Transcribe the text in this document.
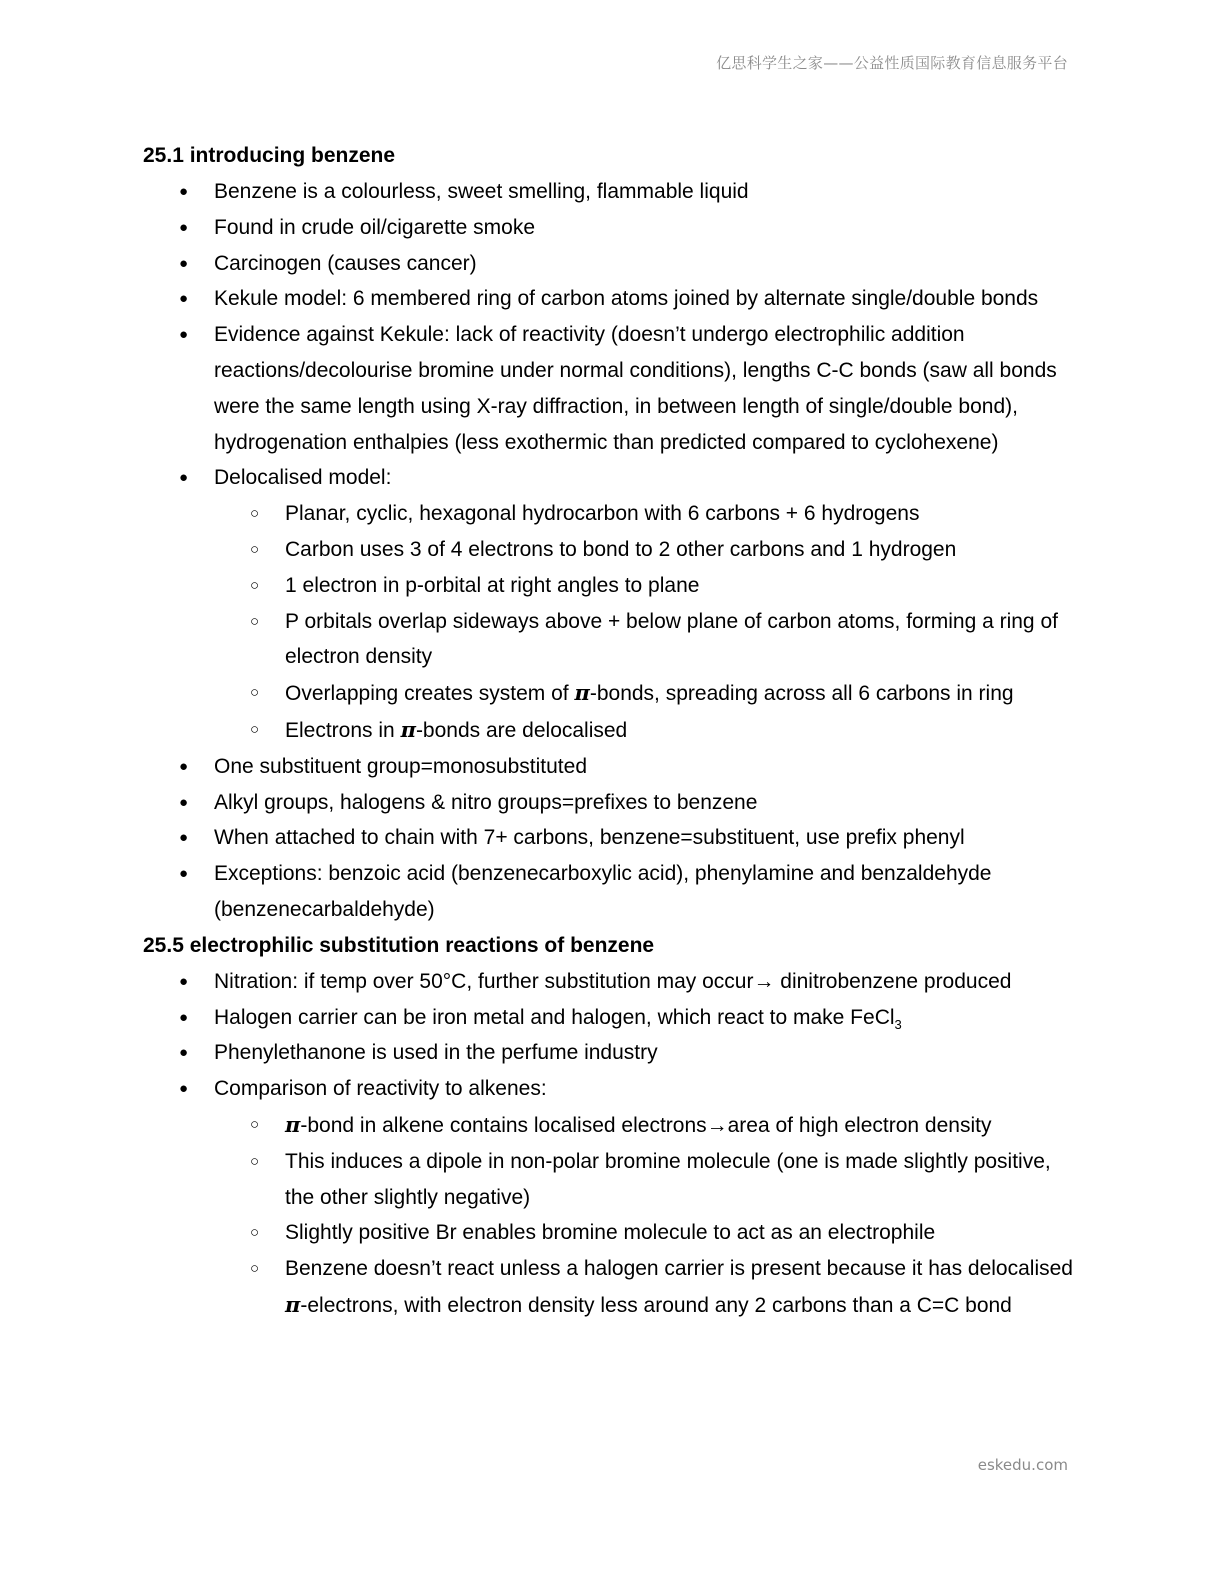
亿思科学生之家——公益性质国际教育信息服务平台
25.1 introducing benzene
● Benzene is a colourless, sweet smelling, flammable liquid
● Found in crude oil/cigarette smoke
● Carcinogen (causes cancer)
● Kekule model: 6 membered ring of carbon atoms joined by alternate single/double bonds
● Evidence against Kekule: lack of reactivity (doesn’t undergo electrophilic addition reactions/decolourise bromine under normal conditions), lengths C-C bonds (saw all bonds were the same length using X-ray diffraction, in between length of single/double bond), hydrogenation enthalpies (less exothermic than predicted compared to cyclohexene)
● Delocalised model:
○ Planar, cyclic, hexagonal hydrocarbon with 6 carbons + 6 hydrogens
○ Carbon uses 3 of 4 electrons to bond to 2 other carbons and 1 hydrogen
○ 1 electron in p-orbital at right angles to plane
○ P orbitals overlap sideways above + below plane of carbon atoms, forming a ring of electron density
○ Overlapping creates system of π-bonds, spreading across all 6 carbons in ring
○ Electrons in π-bonds are delocalised
● One substituent group=monosubstituted
● Alkyl groups, halogens & nitro groups=prefixes to benzene
● When attached to chain with 7+ carbons, benzene=substituent, use prefix phenyl
● Exceptions: benzoic acid (benzenecarboxylic acid), phenylamine and benzaldehyde (benzenecarbaldehyde)
25.5 electrophilic substitution reactions of benzene
● Nitration: if temp over 50°C, further substitution may occur→ dinitrobenzene produced
● Halogen carrier can be iron metal and halogen, which react to make FeCl$_3$
● Phenylethanone is used in the perfume industry
● Comparison of reactivity to alkenes:
○ π-bond in alkene contains localised electrons→area of high electron density
○ This induces a dipole in non-polar bromine molecule (one is made slightly positive, the other slightly negative)
○ Slightly positive Br enables bromine molecule to act as an electrophile
○ Benzene doesn’t react unless a halogen carrier is present because it has delocalised π-electrons, with electron density less around any 2 carbons than a C=C bond
eskedu.com
